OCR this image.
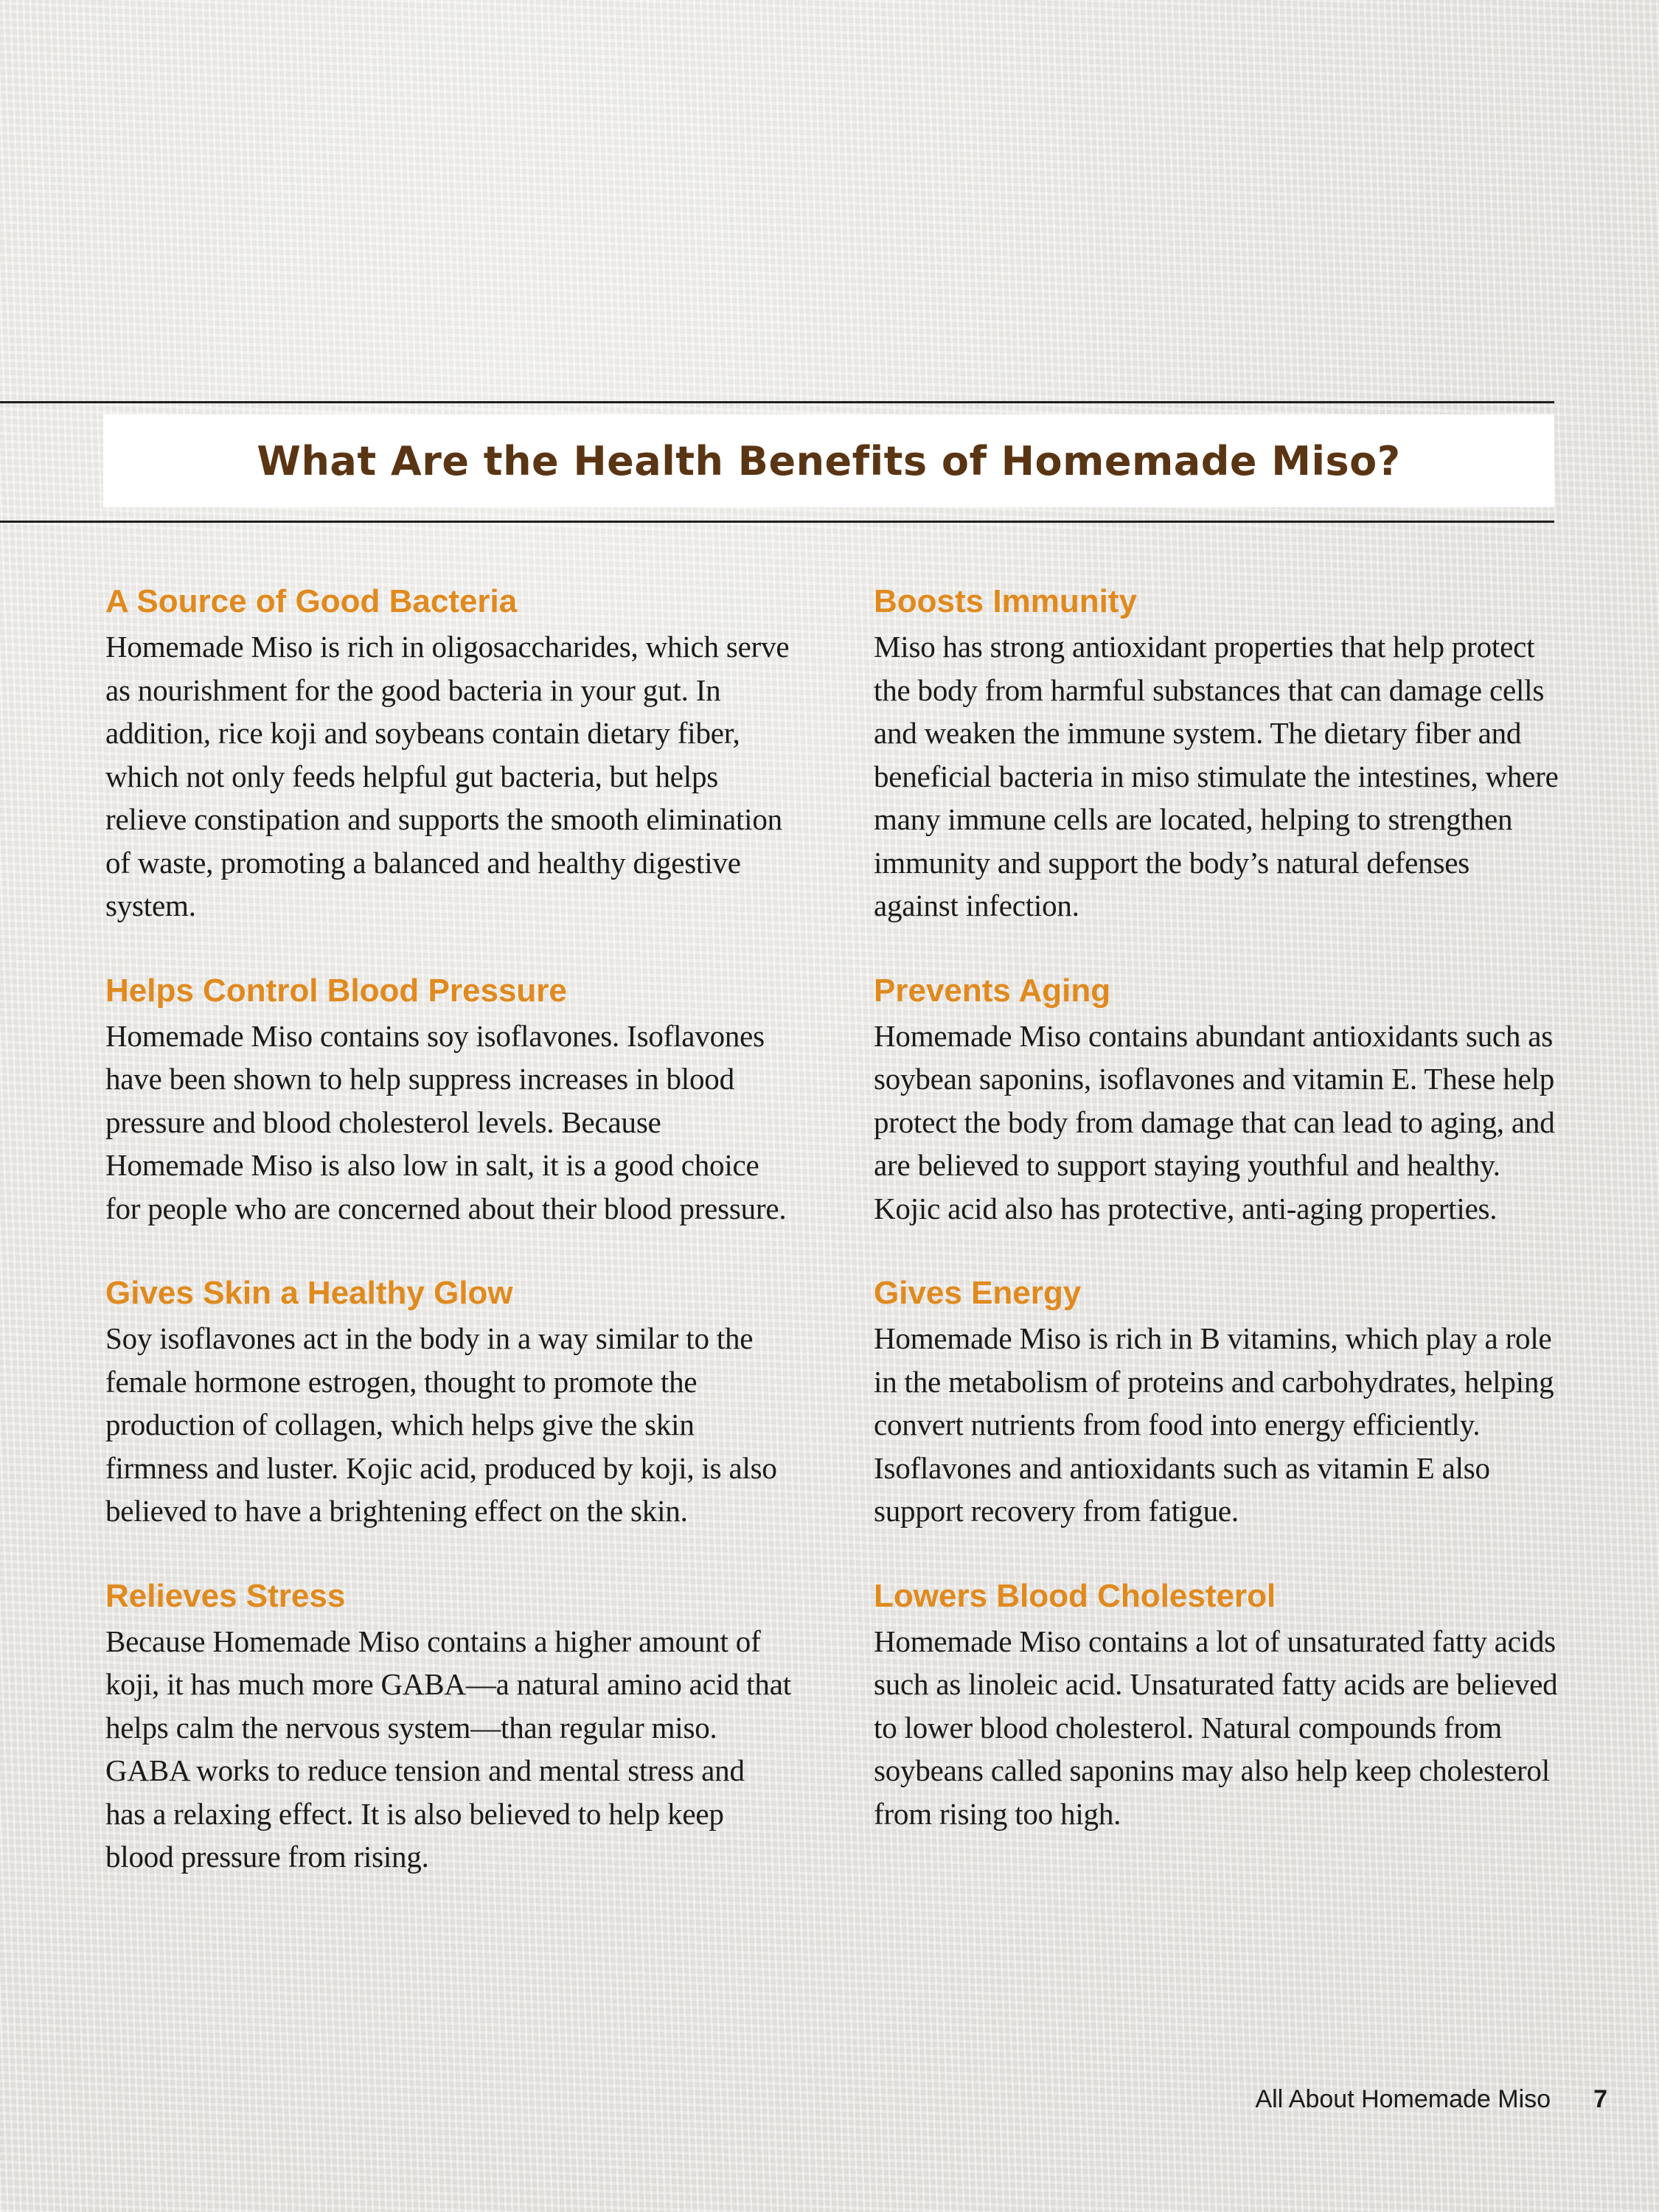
What Are the Health Benefits of Homemade Miso?
A Source of Good Bacteria

Homemade Miso is rich in oligosaccharides, which serve as nourishment for the good bacteria in your gut. In addition, rice koji and soybeans contain dietary fiber, which not only feeds helpful gut bacteria, but helps relieve constipation and supports the smooth elimination of waste, promoting a balanced and healthy digestive system.

Helps Control Blood Pressure

Homemade Miso contains soy isoflavones. Isoflavones have been shown to help suppress increases in blood pressure and blood cholesterol levels. Because Homemade Miso is also low in salt, it is a good choice for people who are concerned about their blood pressure.

Gives Skin a Healthy Glow

Soy isoflavones act in the body in a way similar to the female hormone estrogen, thought to promote the production of collagen, which helps give the skin firmness and luster. Kojic acid, produced by koji, is also believed to have a brightening effect on the skin.

Relieves Stress

Because Homemade Miso contains a higher amount of koji, it has much more GABA—a natural amino acid that helps calm the nervous system—than regular miso. GABA works to reduce tension and mental stress and has a relaxing effect. It is also believed to help keep blood pressure from rising.

Boosts Immunity

Miso has strong antioxidant properties that help protect the body from harmful substances that can damage cells and weaken the immune system. The dietary fiber and beneficial bacteria in miso stimulate the intestines, where many immune cells are located, helping to strengthen immunity and support the body’s natural defenses against infection.

Prevents Aging

Homemade Miso contains abundant antioxidants such as soybean saponins, isoflavones and vitamin E. These help protect the body from damage that can lead to aging, and are believed to support staying youthful and healthy. Kojic acid also has protective, anti-aging properties.

Gives Energy

Homemade Miso is rich in B vitamins, which play a role in the metabolism of proteins and carbohydrates, helping convert nutrients from food into energy efficiently. Isoflavones and antioxidants such as vitamin E also support recovery from fatigue.

Lowers Blood Cholesterol

Homemade Miso contains a lot of unsaturated fatty acids such as linoleic acid. Unsaturated fatty acids are believed to lower blood cholesterol. Natural compounds from soybeans called saponins may also help keep cholesterol from rising too high.

All About Homemade Miso 7
